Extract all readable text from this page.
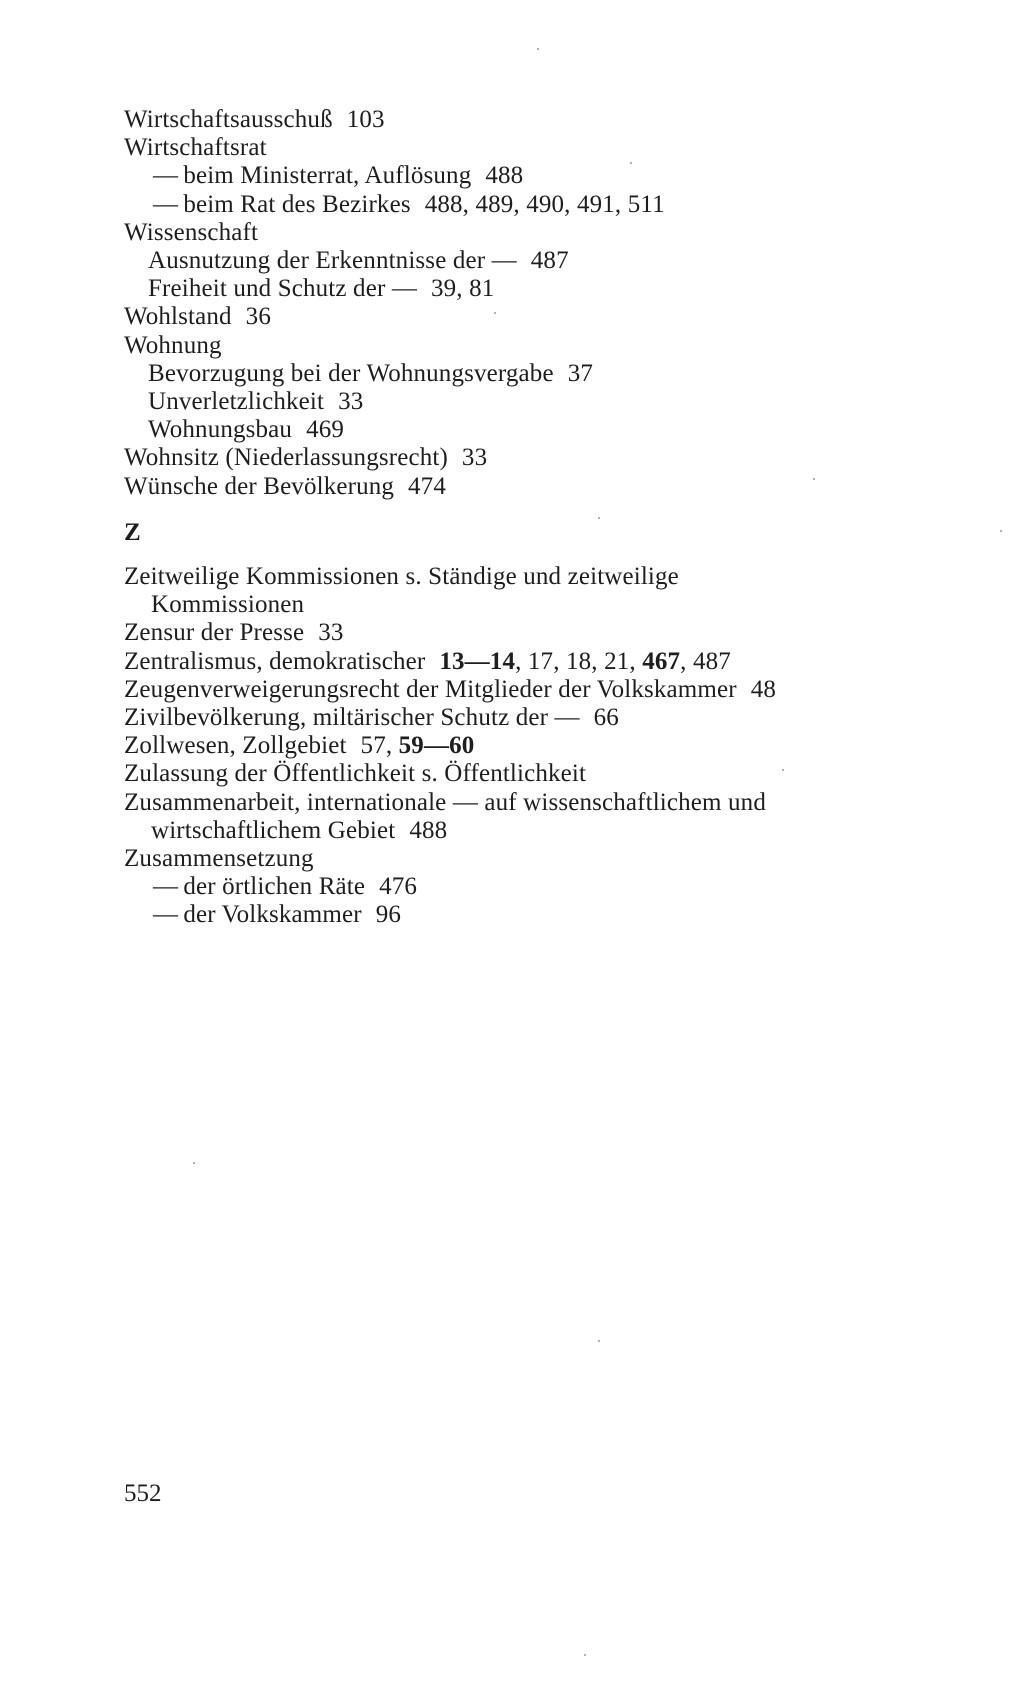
Wirtschaftsausschuß 103
Wirtschaftsrat
— beim Ministerrat, Auflösung 488
— beim Rat des Bezirkes 488, 489, 490, 491, 511
Wissenschaft
Ausnutzung der Erkenntnisse der — 487
Freiheit und Schutz der — 39, 81
Wohlstand 36
Wohnung
Bevorzugung bei der Wohnungsvergabe 37
Unverletzlichkeit 33
Wohnungsbau 469
Wohnsitz (Niederlassungsrecht) 33
Wünsche der Bevölkerung 474
Z
Zeitweilige Kommissionen s. Ständige und zeitweilige
Kommissionen
Zensur der Presse 33
Zentralismus, demokratischer 13—14, 17, 18, 21, 467, 487
Zeugenverweigerungsrecht der Mitglieder der Volkskammer 48
Zivilbevölkerung, miltärischer Schutz der — 66
Zollwesen, Zollgebiet 57, 59—60
Zulassung der Öffentlichkeit s. Öffentlichkeit
Zusammenarbeit, internationale — auf wissenschaftlichem und
wirtschaftlichem Gebiet 488
Zusammensetzung
— der örtlichen Räte 476
— der Volkskammer 96
552
